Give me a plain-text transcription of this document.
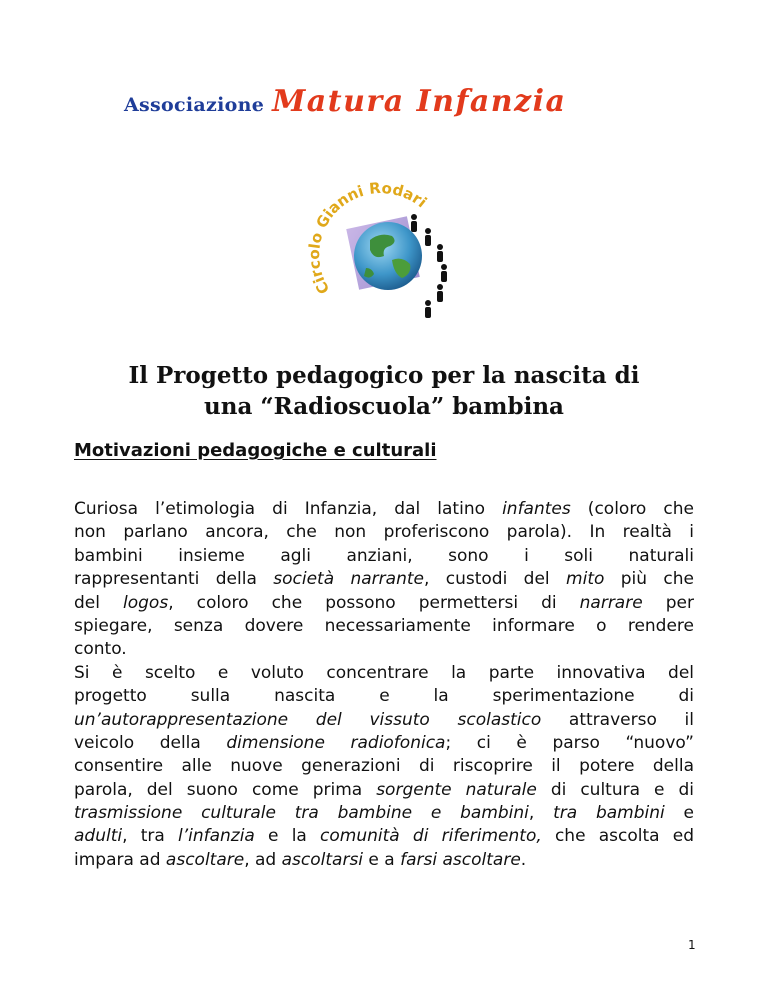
Associazione Matura Infanzia
Circolo Gianni Rodari
Il Progetto pedagogico per la nascita di
una “Radioscuola” bambina
Motivazioni pedagogiche e culturali
Curiosa l’etimologia di Infanzia, dal latino infantes (coloro che
non parlano ancora, che non proferiscono parola). In realtà i
bambini insieme agli anziani, sono i soli naturali
rappresentanti della società narrante, custodi del mito più che
del logos, coloro che possono permettersi di narrare per
spiegare, senza dovere necessariamente informare o rendere
conto.
Si è scelto e voluto concentrare la parte innovativa del
progetto sulla nascita e la sperimentazione di
un’autorappresentazione del vissuto scolastico attraverso il
veicolo della dimensione radiofonica; ci è parso “nuovo”
consentire alle nuove generazioni di riscoprire il potere della
parola, del suono come prima sorgente naturale di cultura e di
trasmissione culturale tra bambine e bambini, tra bambini e
adulti, tra l’infanzia e la comunità di riferimento, che ascolta ed
impara ad ascoltare, ad ascoltarsi e a farsi ascoltare.
1
